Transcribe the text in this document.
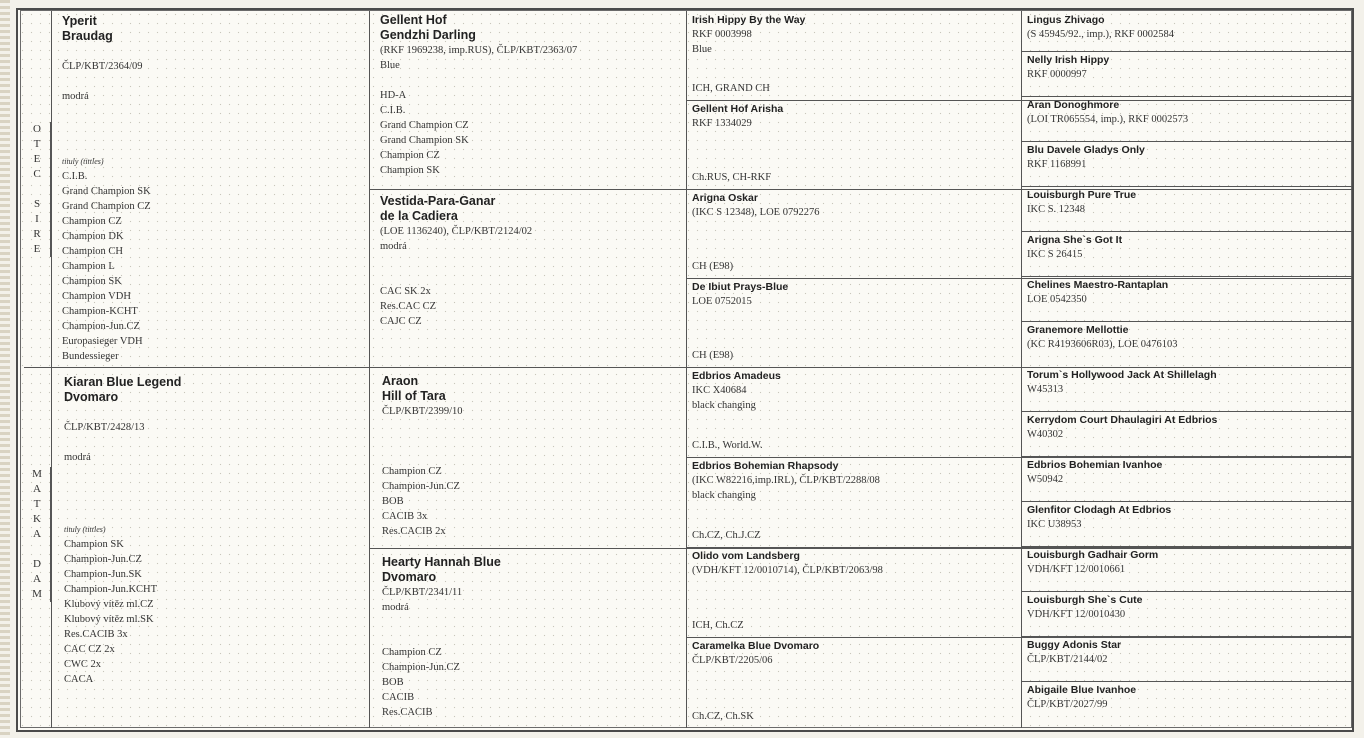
O
T
E
C
S
I
R
E
M
A
T
K
A
D
A
M
Yperit
Braudag
ČLP/KBT/2364/09
modrá
tituly (tittles)
C.I.B.
Grand Champion SK
Grand Champion CZ
Champion CZ
Champion DK
Champion CH
Champion L
Champion SK
Champion VDH
Champion-KCHT
Champion-Jun.CZ
Europasieger VDH
Bundessieger
Kiaran Blue Legend
Dvomaro
ČLP/KBT/2428/13
modrá
tituly (tittles)
Champion SK
Champion-Jun.CZ
Champion-Jun.SK
Champion-Jun.KCHT
Klubový vítěz ml.CZ
Klubový vítěz ml.SK
Res.CACIB 3x
CAC CZ 2x
CWC 2x
CACA
Gellent Hof
Gendzhi Darling
(RKF 1969238, imp.RUS), ČLP/KBT/2363/07
Blue
HD-A
C.I.B.
Grand Champion CZ
Grand Champion SK
Champion CZ
Champion SK
Vestida-Para-Ganar
de la Cadiera
(LOE 1136240), ČLP/KBT/2124/02
modrá
CAC SK 2x
Res.CAC CZ
CAJC CZ
Araon
Hill of Tara
ČLP/KBT/2399/10
Champion CZ
Champion-Jun.CZ
BOB
CACIB 3x
Res.CACIB 2x
Hearty Hannah Blue
Dvomaro
ČLP/KBT/2341/11
modrá
Champion CZ
Champion-Jun.CZ
BOB
CACIB
Res.CACIB
Irish Hippy By the Way
RKF 0003998
Blue
ICH, GRAND CH
Gellent Hof Arisha
RKF 1334029
Ch.RUS, CH-RKF
Arigna Oskar
(IKC S 12348), LOE 0792276
CH (E98)
De Ibiut Prays-Blue
LOE 0752015
CH (E98)
Edbrios Amadeus
IKC X40684
black changing
C.I.B., World.W.
Edbrios Bohemian Rhapsody
(IKC W82216,imp.IRL), ČLP/KBT/2288/08
black changing
Ch.CZ, Ch.J.CZ
Olido vom Landsberg
(VDH/KFT 12/0010714), ČLP/KBT/2063/98
ICH, Ch.CZ
Caramelka Blue Dvomaro
ČLP/KBT/2205/06
Ch.CZ, Ch.SK
Lingus Zhivago
(S 45945/92., imp.), RKF 0002584
Nelly Irish Hippy
RKF 0000997
Aran Donoghmore
(LOI TR065554, imp.), RKF 0002573
Blu Davele Gladys Only
RKF 1168991
Louisburgh Pure True
IKC S. 12348
Arigna She`s Got It
IKC S 26415
Chelines Maestro-Rantaplan
LOE 0542350
Granemore Mellottie
(KC R4193606R03), LOE 0476103
Torum`s Hollywood Jack At Shillelagh
W45313
Kerrydom Court Dhaulagiri At Edbrios
W40302
Edbrios Bohemian Ivanhoe
W50942
Glenfitor Clodagh At Edbrios
IKC U38953
Louisburgh Gadhair Gorm
VDH/KFT 12/0010661
Louisburgh She`s Cute
VDH/KFT 12/0010430
Buggy Adonis Star
ČLP/KBT/2144/02
Abigaile Blue Ivanhoe
ČLP/KBT/2027/99
